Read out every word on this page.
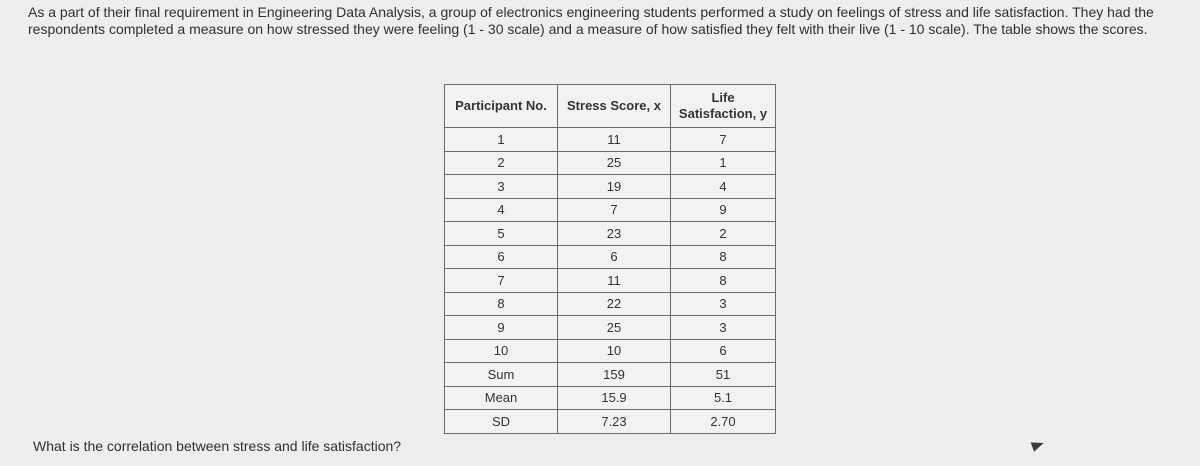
As a part of their final requirement in Engineering Data Analysis, a group of electronics engineering students performed a study on feelings of stress and life satisfaction. They had the respondents completed a measure on how stressed they were feeling (1 - 30 scale) and a measure of how satisfied they felt with their live (1 - 10 scale). The table shows the scores.

Participant No.	Stress Score, x	Life Satisfaction, y
1	11	7
2	25	1
3	19	4
4	7	9
5	23	2
6	6	8
7	11	8
8	22	3
9	25	3
10	10	6
Sum	159	51
Mean	15.9	5.1
SD	7.23	2.70

What is the correlation between stress and life satisfaction?
